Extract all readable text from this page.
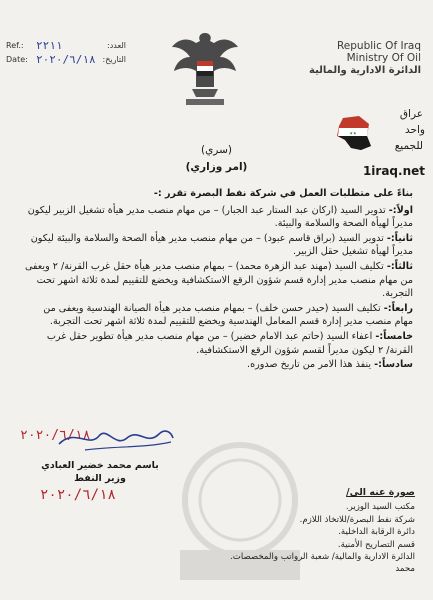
Ref.:	٢٢١١	العدد:
Date: ٢٠٢٠/٦/١٨ التاريخ:
Republic Of Iraq
Ministry Of Oil
الدائرة الادارية والمالية
★★
عراق
واحد
للجميع
1iraq.net
(سري)
(امر وزاري)

بناءً على متطلبات العمل في شركة نفط البصرة تقرر :-

اولاً:- تدوير السيد (اركان عبد الستار عبد الجبار) – من مهام منصب مدير هيأة تشغيل الزبير ليكون مديراً لهيأة الصحة والسلامة والبيئة.

ثانياً:- تدوير السيد (براق قاسم عبود) – من مهام منصب مدير هيأة الصحة والسلامة والبيئة ليكون مديراً لهيأة تشغيل حقل الزبير.

ثالثاً:- تكليف السيد (مهند عبد الزهرة محمد) – بمهام منصب مدير هيأة حقل غرب القرنة/ ٢ ويعفى من مهام منصب مدير إدارة قسم شؤون الرقع الاستكشافية ويخضع للتقييم لمدة ثلاثة اشهر تحت التجربة.

رابعاً:- تكليف السيد (حيدر حسن خلف) – بمهام منصب مدير هيأة الصيانة الهندسية ويعفى من مهام منصب مدير إدارة قسم المعامل الهندسية ويخضع للتقييم لمدة ثلاثة اشهر تحت التجربة.

خامساً:- اعفاء السيد (حاتم عبد الامام خضير) – من مهام منصب مدير هيأة تطوير حقل غرب القرنة/ ٢ ليكون مديراً لقسم شؤون الرقع الاستكشافية.

سادساً:- ينفذ هذا الامر من تاريخ صدوره.

٢٠٢٠/٦/١٨
باسم محمد خضير العبادي
وزير النفط
٢٠٢٠/٦/١٨	صورة عنه الى/
مكتب السيد الوزير.
شركة نفط البصرة/للاتخاذ اللازم.
دائرة الرقابة الداخلية.
قسم التصاريح الأمنية.
الدائرة الادارية والمالية/ شعبة الرواتب والمخصصات.
محمد
